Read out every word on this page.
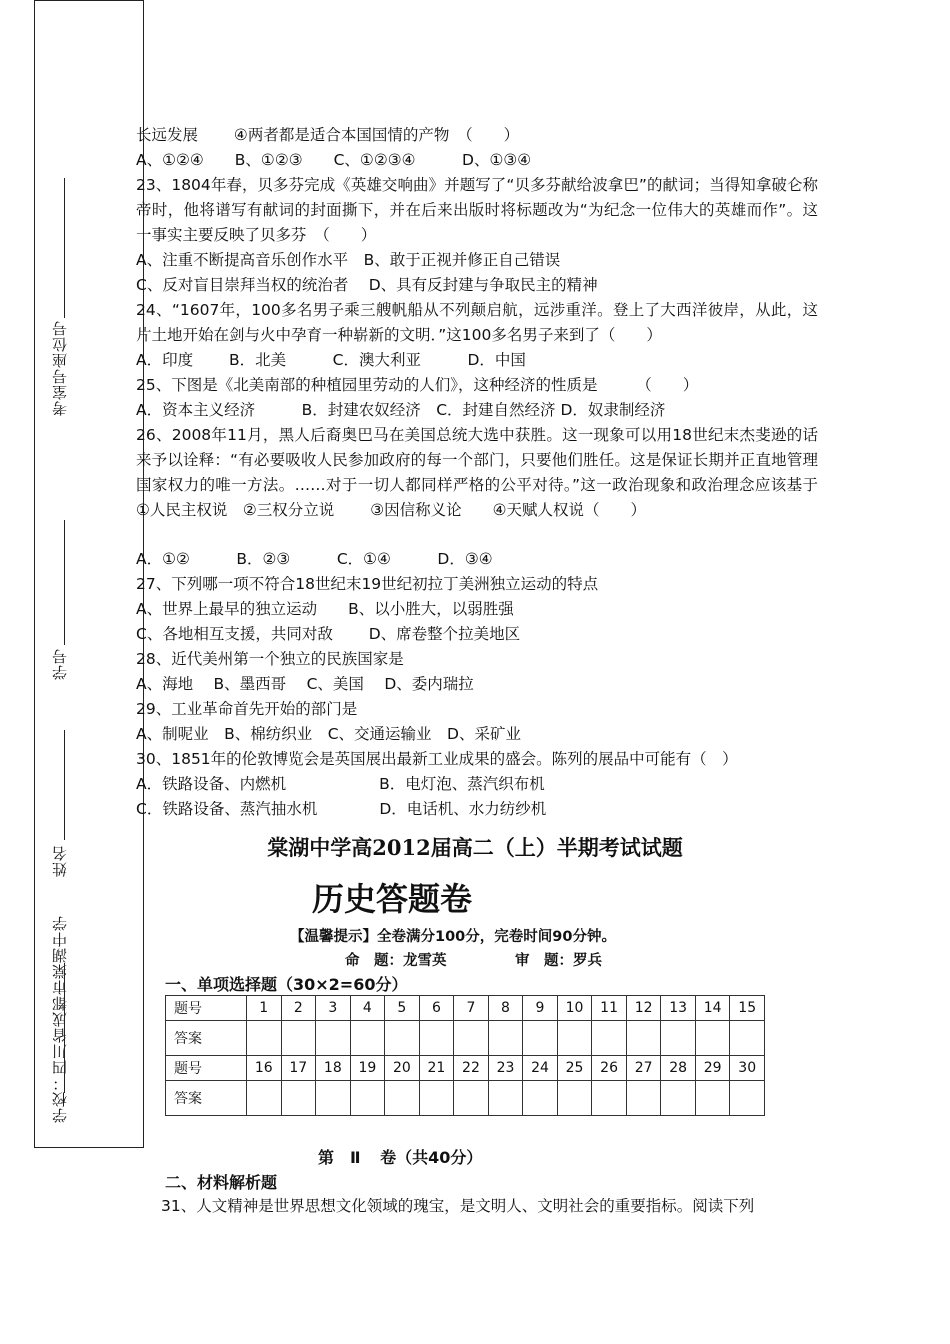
考室号座位号
学号
姓名
学校：四川省成都市棠湖中学

长远发展　　 ④两者都是适合本国国情的产物　（　　）

A、①②④　　B、①②③　　C、①②③④　　　D、①③④

23、1804年春，贝多芬完成《英雄交响曲》并题写了“贝多芬献给波拿巴”的献词；当得知拿破仑称帝时，他将谱写有献词的封面撕下，并在后来出版时将标题改为“为纪念一位伟大的英雄而作”。这一事实主要反映了贝多芬　（　　）

A、注重不断提高音乐创作水平　B、敢于正视并修正自己错误

C、反对盲目崇拜当权的统治者　 D、具有反封建与争取民主的精神

24、“1607年，100多名男子乘三艘帆船从不列颠启航，远涉重洋。登上了大西洋彼岸，从此，这片土地开始在剑与火中孕育一种崭新的文明．”这100多名男子来到了（　　）

A．印度　　 B．北美　　　C．澳大利亚　　　D．中国

25、下图是《北美南部的种植园里劳动的人们》，这种经济的性质是　　　（　　）

A．资本主义经济　　　B．封建农奴经济　C．封建自然经济 D．奴隶制经济

26、2008年11月，黑人后裔奥巴马在美国总统大选中获胜。这一现象可以用18世纪末杰斐逊的话来予以诠释：“有必要吸收人民参加政府的每一个部门，只要他们胜任。这是保证长期并正直地管理国家权力的唯一方法。……对于一切人都同样严格的公平对待。”这一政治现象和政治理念应该基于 ①人民主权说　②三权分立说　　 ③因信称义论　　④天赋人权说（　　）

A．①②　　　B．②③　　　C．①④　　　D．③④

27、下列哪一项不符合18世纪末19世纪初拉丁美洲独立运动的特点

A、世界上最早的独立运动　　B、以小胜大，以弱胜强

C、各地相互支援，共同对敌　　 D、席卷整个拉美地区

28、近代美州第一个独立的民族国家是

A、海地　 B、墨西哥　 C、美国　 D、委内瑞拉

29、工业革命首先开始的部门是

A、制呢业　B、棉纺织业　C、交通运输业　D、采矿业

30、1851年的伦敦博览会是英国展出最新工业成果的盛会。陈列的展品中可能有（　）

A．铁路设备、内燃机　　　　　　B．电灯泡、蒸汽织布机

C．铁路设备、蒸汽抽水机　　　　D．电话机、水力纺纱机

棠湖中学高2012届高二（上）半期考试试题
历史答题卷
【温馨提示】全卷满分100分，完卷时间90分钟。
命　题：龙雪英	审　题：罗兵
一、单项选择题（30×2=60分）
题号	1	2	3	4	5	6	7	8	9	10	11	12	13	14	15
答案															
题号	16	17	18	19	20	21	22	23	24	25	26	27	28	29	30
答案															
第　Ⅱ 卷（共40分）
二、材料解析题
31、人文精神是世界思想文化领域的瑰宝，是文明人、文明社会的重要指标。阅读下列
